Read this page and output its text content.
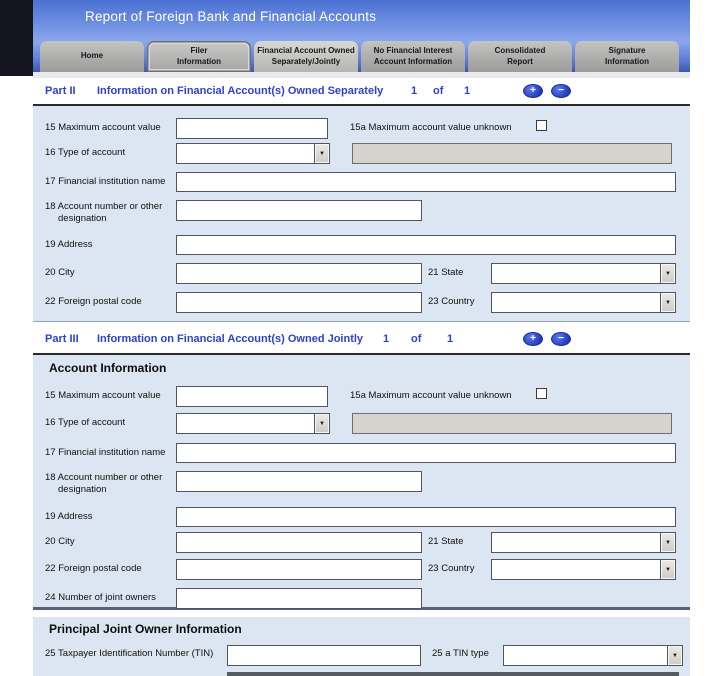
Report of Foreign Bank and Financial Accounts
Home
Filer
Information
Financial Account Owned
Separately/Jointly
No Financial Interest
Account Information
Consolidated
Report
Signature
Information
Part II Information on Financial Account(s) Owned Separately	1 of 1	+	−
15 Maximum account value	15a Maximum account value unknown
16 Type of account	▼
17 Financial institution name
18 Account number or other designation
19 Address
20 City	21 State	▼
22 Foreign postal code	23 Country	▼
Part III Information on Financial Account(s) Owned Jointly 1 of 1	+	−
Account Information
15 Maximum account value	15a Maximum account value unknown
16 Type of account	▼
17 Financial institution name
18 Account number or other designation
19 Address
20 City	21 State	▼
22 Foreign postal code	23 Country	▼
24 Number of joint owners
Principal Joint Owner Information
25 Taxpayer Identification Number (TIN)	25 a TIN type	▼
